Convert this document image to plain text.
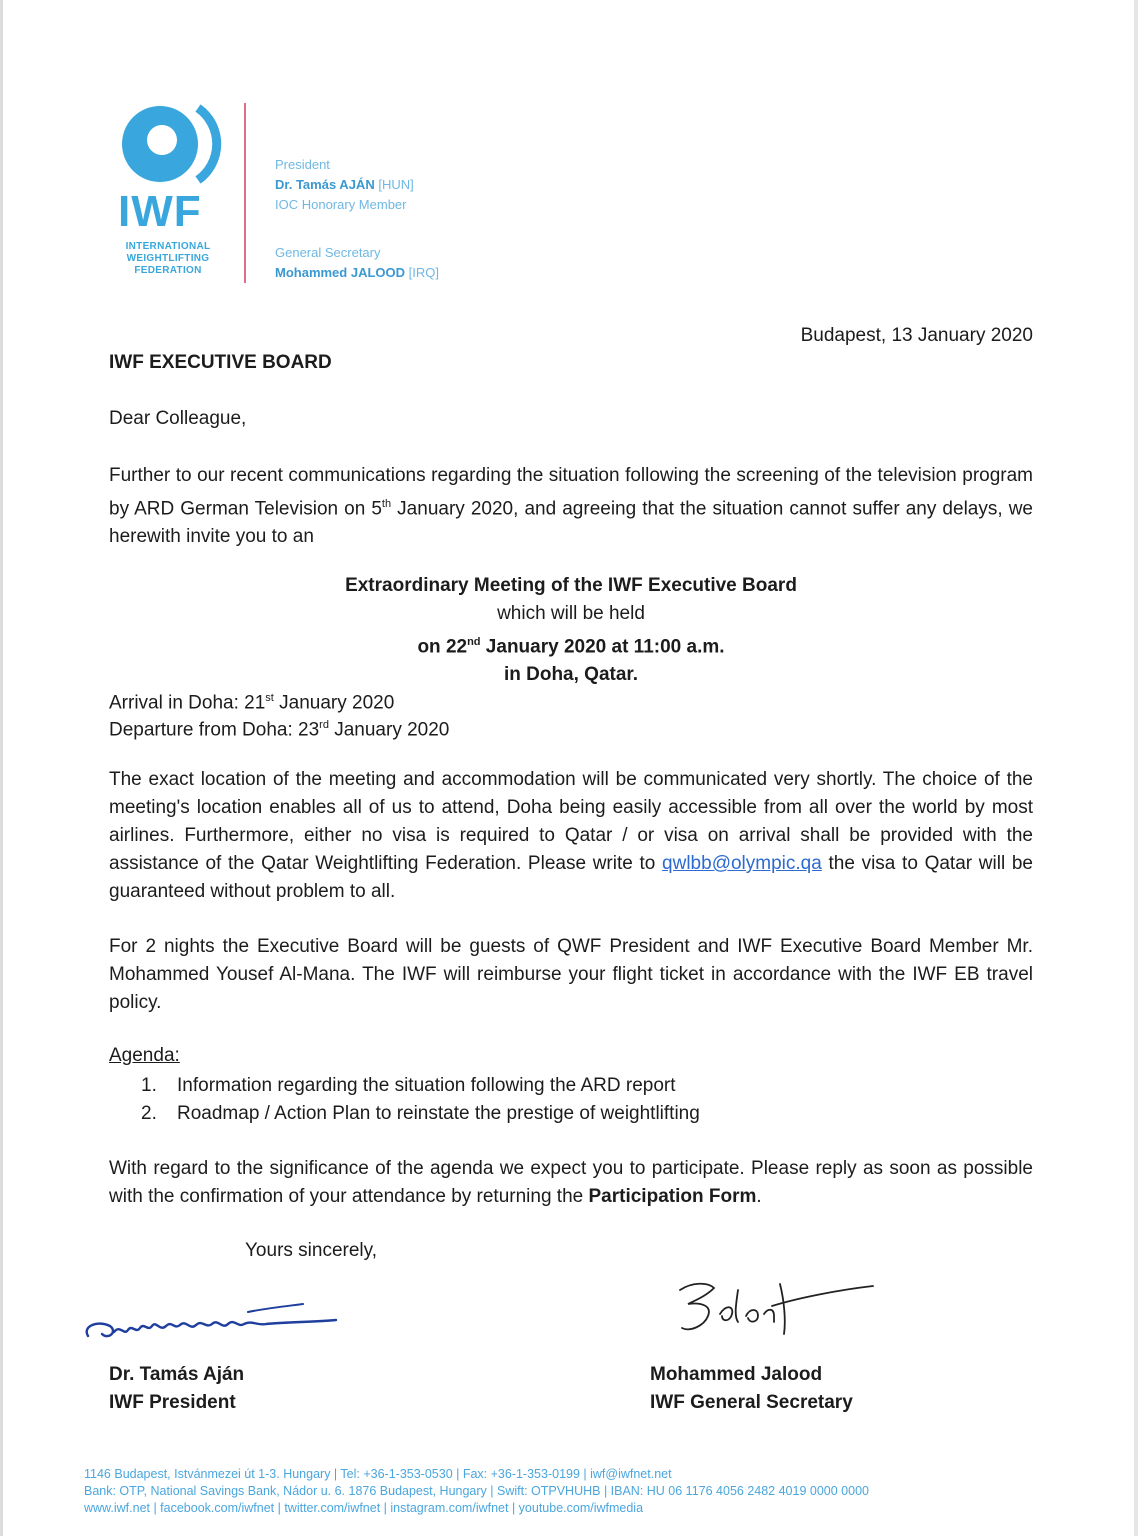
IWF
INTERNATIONAL
WEIGHTLIFTING
FEDERATION
President
Dr. Tamás AJÁN [HUN]
IOC Honorary Member
General Secretary
Mohammed JALOOD [IRQ]
Budapest, 13 January 2020
IWF EXECUTIVE BOARD
Dear Colleague,
Further to our recent communications regarding the situation following the screening of the television program by ARD German Television on 5th January 2020, and agreeing that the situation cannot suffer any delays, we herewith invite you to an
Extraordinary Meeting of the IWF Executive Board
which will be held
on 22nd January 2020 at 11:00 a.m.
in Doha, Qatar.
Arrival in Doha: 21st January 2020
Departure from Doha: 23rd January 2020
The exact location of the meeting and accommodation will be communicated very shortly. The choice of the meeting's location enables all of us to attend, Doha being easily accessible from all over the world by most airlines. Furthermore, either no visa is required to Qatar / or visa on arrival shall be provided with the assistance of the Qatar Weightlifting Federation. Please write to qwlbb@olympic.qa the visa to Qatar will be guaranteed without problem to all.
For 2 nights the Executive Board will be guests of QWF President and IWF Executive Board Member Mr. Mohammed Yousef Al-Mana. The IWF will reimburse your flight ticket in accordance with the IWF EB travel policy.
Agenda:
1. Information regarding the situation following the ARD report
2. Roadmap / Action Plan to reinstate the prestige of weightlifting
With regard to the significance of the agenda we expect you to participate. Please reply as soon as possible with the confirmation of your attendance by returning the Participation Form.
Yours sincerely,
Dr. Tamás Aján
IWF President
Mohammed Jalood
IWF General Secretary
1146 Budapest, Istvánmezei út 1-3. Hungary | Tel: +36-1-353-0530 | Fax: +36-1-353-0199 | iwf@iwfnet.net
Bank: OTP, National Savings Bank, Nádor u. 6. 1876 Budapest, Hungary | Swift: OTPVHUHB | IBAN: HU 06 1176 4056 2482 4019 0000 0000
www.iwf.net | facebook.com/iwfnet | twitter.com/iwfnet | instagram.com/iwfnet | youtube.com/iwfmedia
